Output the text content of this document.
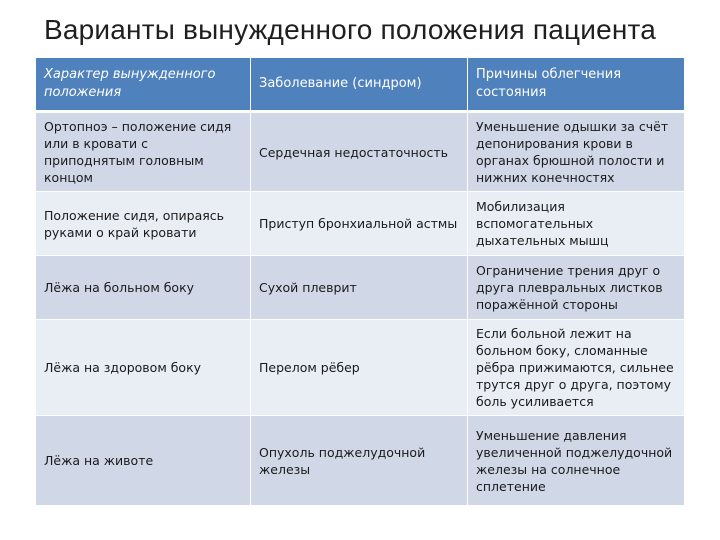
Варианты вынужденного положения пациента
Характер вынужденного положения	Заболевание (синдром)	Причины облегчения состояния
Ортопноэ – положение сидя или в кровати с приподнятым головным концом	Сердечная недостаточность	Уменьшение одышки за счёт депонирования крови в органах брюшной полости и нижних конечностях
Положение сидя, опираясь руками о край кровати	Приступ бронхиальной астмы	Мобилизация вспомогательных дыхательных мышц
Лёжа на больном боку	Сухой плеврит	Ограничение трения друг о друга плевральных листков поражённой стороны
Лёжа на здоровом боку	Перелом рёбер	Если больной лежит на больном боку, сломанные рёбра прижимаются, сильнее трутся друг о друга, поэтому боль усиливается
Лёжа на животе	Опухоль поджелудочной железы	Уменьшение давления увеличенной поджелудочной железы на солнечное сплетение
